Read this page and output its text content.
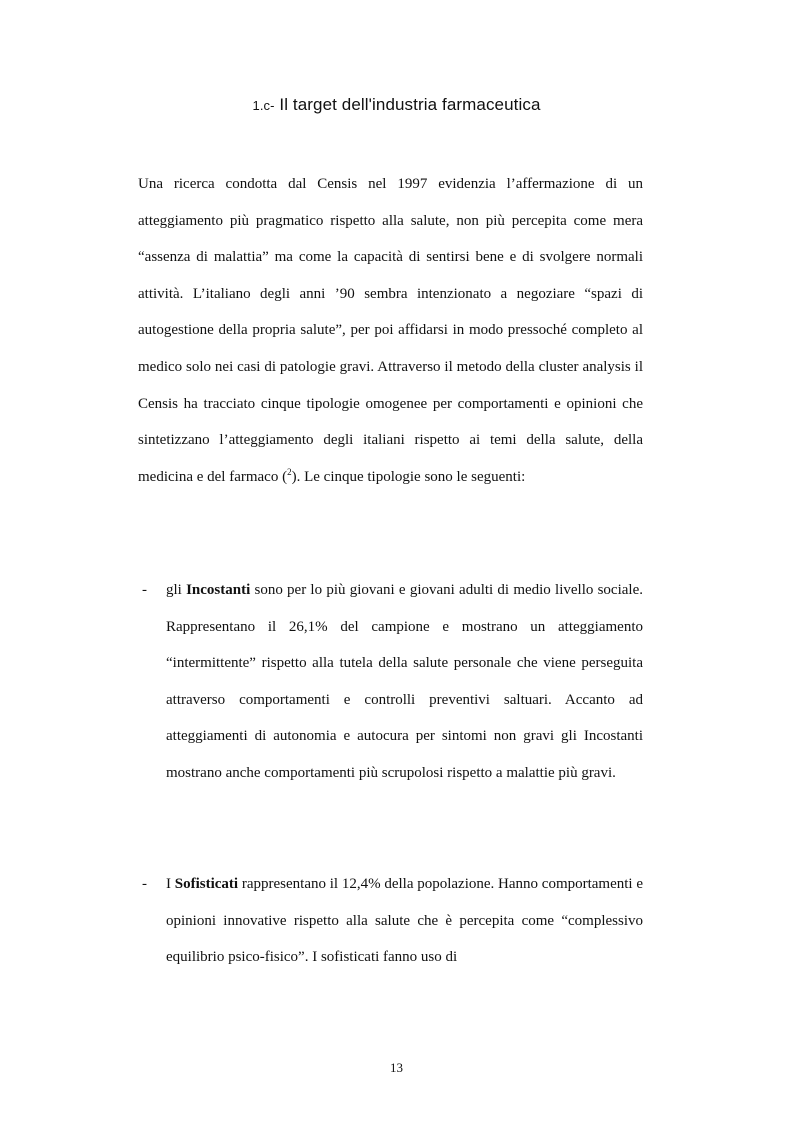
1.c- Il target dell'industria farmaceutica

Una ricerca condotta dal Censis nel 1997 evidenzia l’affermazione di un atteggiamento più pragmatico rispetto alla salute, non più percepita come mera “assenza di malattia” ma come la capacità di sentirsi bene e di svolgere normali attività. L’italiano degli anni ’90 sembra intenzionato a negoziare “spazi di autogestione della propria salute”, per poi affidarsi in modo pressoché completo al medico solo nei casi di patologie gravi. Attraverso il metodo della cluster analysis il Censis ha tracciato cinque tipologie omogenee per comportamenti e opinioni che sintetizzano l’atteggiamento degli italiani rispetto ai temi della salute, della medicina e del farmaco ($^2$). Le cinque tipologie sono le seguenti:

- gli Incostanti sono per lo più giovani e giovani adulti di medio livello sociale. Rappresentano il 26,1% del campione e mostrano un atteggiamento “intermittente” rispetto alla tutela della salute personale che viene perseguita attraverso comportamenti e controlli preventivi saltuari. Accanto ad atteggiamenti di autonomia e autocura per sintomi non gravi gli Incostanti mostrano anche comportamenti più scrupolosi rispetto a malattie più gravi.

- I Sofisticati rappresentano il 12,4% della popolazione. Hanno comportamenti e opinioni innovative rispetto alla salute che è percepita come “complessivo equilibrio psico-fisico”. I sofisticati fanno uso di

13
